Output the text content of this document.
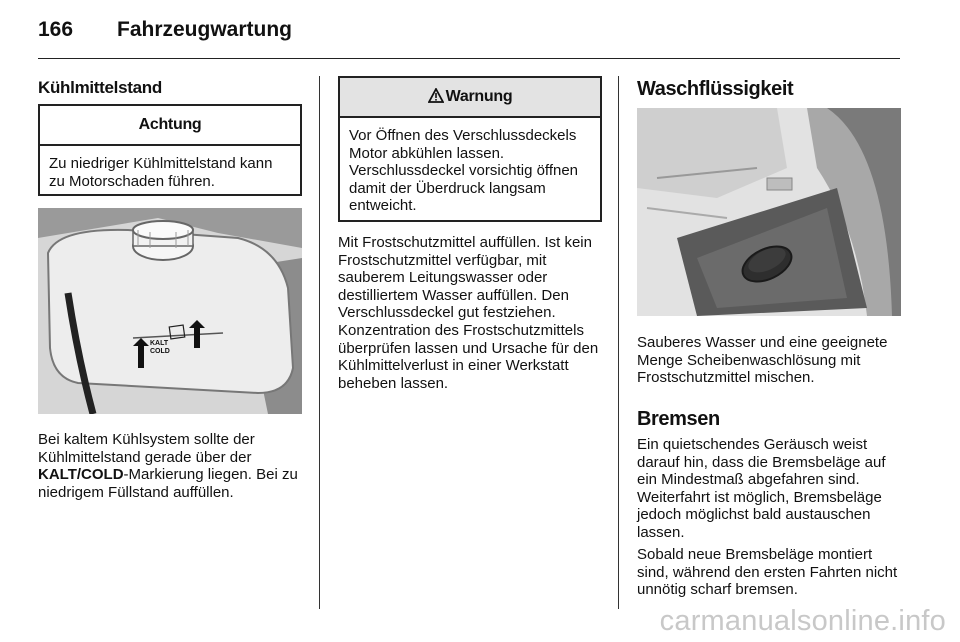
166 Fahrzeugwartung
Kühlmittelstand
Achtung
Zu niedriger Kühlmittelstand kann zu Motorschaden führen.
KALT
COLD
Bei kaltem Kühlsystem sollte der Kühlmittelstand gerade über der KALT/COLD-Markierung liegen. Bei zu niedrigem Füllstand auffüllen.
Warnung
Vor Öffnen des Verschlussdeckels Motor abkühlen lassen. Verschlussdeckel vorsichtig öffnen damit der Überdruck langsam entweicht.
Mit Frostschutzmittel auffüllen. Ist kein Frostschutzmittel verfügbar, mit sauberem Leitungswasser oder destilliertem Wasser auffüllen. Den Verschlussdeckel gut festziehen. Konzentration des Frostschutzmittels überprüfen lassen und Ursache für den Kühlmittelverlust in einer Werkstatt beheben lassen.
Waschflüssigkeit
Sauberes Wasser und eine geeignete Menge Scheibenwaschlösung mit Frostschutzmittel mischen.
Bremsen
Ein quietschendes Geräusch weist darauf hin, dass die Bremsbeläge auf ein Mindestmaß abgefahren sind. Weiterfahrt ist möglich, Bremsbeläge jedoch möglichst bald austauschen lassen.
Sobald neue Bremsbeläge montiert sind, während den ersten Fahrten nicht unnötig scharf bremsen.
carmanualsonline.info
